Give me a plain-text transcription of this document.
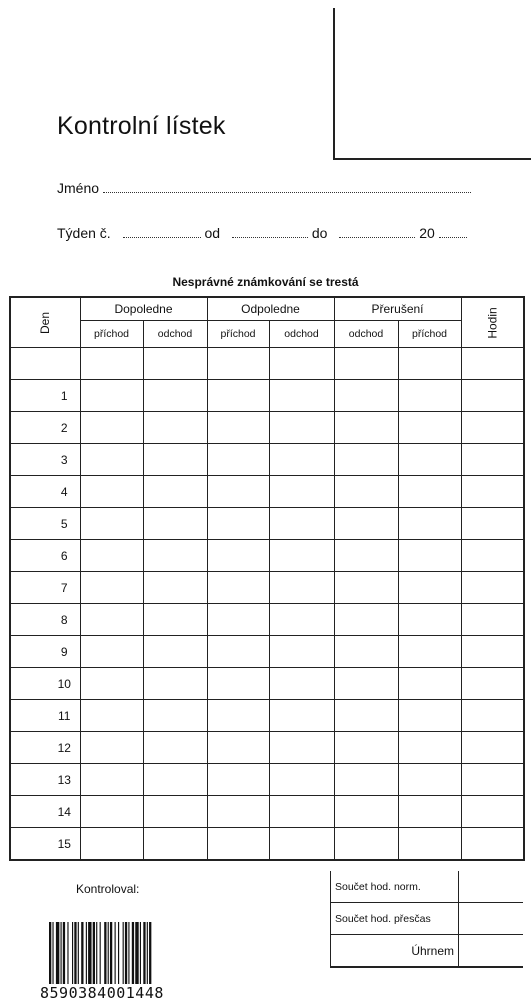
Kontrolní lístek
Jméno
Týden č.	od	do	20
Nesprávné známkování se trestá
Den	Dopoledne		Odpoledne		Přerušení		Hodin
	příchod	odchod	příchod	odchod	odchod	příchod	

1							
2							
3							
4							
5							
6							
7							
8							
9							
10							
11							
12							
13							
14							
15							
Kontroloval:	Součet hod. norm.	
Součet hod. přesčas	
Úhrnem	
8590384001448
